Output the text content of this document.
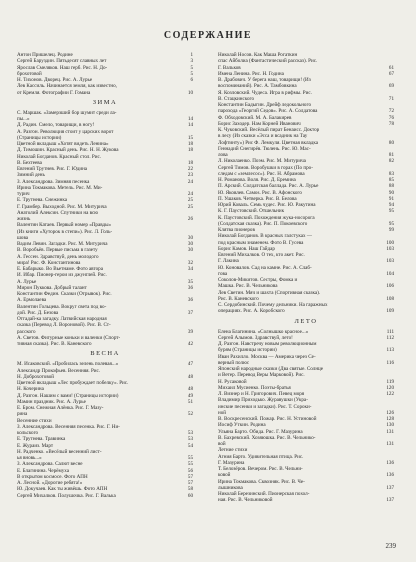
СОДЕРЖАНИЕ
Антон Пришелец. Родине	1
Сергей Баруздин. Пятьдесят славных лет	3
Ярослав Смеляков. Наш герб. Рис. Н. До-	5
брохотовой	5
Н. Тихонов. Дворец. Рис. А. Лурье	6
Лев Кассиль. Начинается земля, как известно,
от Кремля. Фотографии Г. Гомана	10
ЗИМА
С. Маршак. «Замерзший бор шумит среди ла-
пы...»	14
Д. Радин. Смело, товарищи, в ногу!	14
А. Разгон. Революция стоит у царских ворот
(Страницы истории)	15
Цветной вкладыш «Хотят видеть Ленина»	18
Д. Тимошин. Красный день. Рис. Н. Н. Жукова	18
Николай Богданов. Красный стол. Рис.
В. Бехтеева	18
Евгений Трутнев. Рис. Г. Юдина	22
Зимний день	23
З. Александрова. Зимняя песенка	24
Ирина Токмакова. Метель. Рис. М. Ми-
турич	24
Е. Трутнева. Снежинка	25
Г. Грамбер. Выходной. Рис. М. Митурича	25
Анатолий Алексин. Спутники на всю
жизнь	26
Валентин Катаев. Первый номер «Правды»
(Из книги «Хуторок в степи»). Рис. Л. Голь-
шова	30
Вадим Левин. Загадки. Рис. М. Митурича	30
В. Воробьёв. Первые письма в газету	30
А. Гессен. Здравствуй, день молодого
мира! Рис. Ф. Константинова	32
Е. Бабарыко. Во Вьетнаме. Фото автора	34
И. Ибар. Пионер-герои из джунглей. Рис.
А. Лурье	35
Мирон Пуккова. Добрый талант	36
Константин Федин. Сказки (Отрывок). Рис.
А. Ермолаева	36
Валентин Гольцева. Вокруг света под во-
дой. Рис. Д. Безова	37
Отгадай-ка загадку. Латвийская народная
сказка (Перевод Л. Вороновой). Рис. В. Ст-
расского	39
А. Светов. Фигурные коньки и валенки (Спорт-
тивная сказка). Рис. В. Каневского	42
ВЕСНА
М. Исаковский. «Пробилась зелень полевая...»	47
Александр Прокофьев. Весенняя. Рис.
Н. Доброхотовой	48
Цветной вкладыш «Лес пробуждает побелку». Рис.
Н. Кочерина	48
Д. Разгон. Нашим с вами! (Страницы истории)	49
Мамин праздник. Рис. А. Лурье	51
Е. Бром. Снежная Алёнка. Рис. Г. Мазу-
рина	52
Весенние стихи
З. Александрова. Весенняя песенка. Рис. Г. Ни-
кольского	53
Е. Трутнева. Травинка	53
Е. Жураиз. Март	54
Н. Радченко. «Весёлый весенний лист-
ья вновь...»	55
З. Александрова. Салют весне	55
Е. Благинина. Черёмуха	56
В открытом космосе. Фото АПН	57
А. Лесной. «Дорогие ребята!»	57
Ю. Докучаев. Как ты живёшь. Фото АПН	58
Сергей Михалков. Полушочка. Рис. Г. Валька	60
Николай Носов. Как Маша Рогаткин
спас Айболиа (Фантастический рассказ). Рис.
Г. Вальков	61
Имена Ленина. Рис. Н. Година	67
В. Драбович. У берега наш, товарищи! (Из
воспоминаний). Рис. А. Тамбовкина	69
Я. Козловский. Чудеса. Игра в рифмы. Рис.
В. Стацкинского	71
Константин Бадыгин. Дрейф ледокольного
парохода «Георгий Седов». Рис. А. Солдатова	72
Ф. Обходовский. М. А. Балакирев	76
Борис Заходер. Нам Корней Иванович	78
К. Чуковский. Весёлый пират Бенаисс. Доктор
в лесу (Из сказки «Эсса и всадник на Тау
Лофтинту») Рис Ф. Лемкуля. Цветная вкладка	80
Геннадий Снегирёв. Тюлень. Рис. Ю. Мас-
лова	81
Л. Николаенко. Поэм. Рис. М. Митурича	82
Сергей Тимов. Воробушки в горах (По про-
следам с «землесос»). Рис. Н. Абрамова	83
Н. Романова. Воля. Рис. Д. Еремина	85
П. Арский. Солдатская баллада. Рис. А. Лурье	88
Ю. Яковлев. Самоs. Рис. В. Афонского	90
П. Ушаков. Четверка. Рис. В. Белова	91
Юрий Коваль. Семь чудес. Рис. Ю. Ракутина	94
К. Г. Паустовский. Отшельник	95
К. Паустовский. Похождения жука-носорога
(Солдатская сказка). Рис. П. Покоевского	95
Клятва пионеров	99
Николай Богданов. В красных галстуках —
под красным знаменем. Фото В. Гусева	100
Борис Камов. Наш Гайдар	103
Евгений Михалков. О тех, кто акет. Рис.
Г. Лакина	103
Ю. Коновалов. Сад на камне. Рис. А. Слаб-
гова	104
Соколов-Микитов. Сестры, Фомка и
Машка. Рис. В. Чельникова	106
Лев Светин. Мяч и шахта (Спортивная сказка).
Рис. В. Каневского	108
С. Сердобинский. Почему дельники. На гаражных
операциях. Рис. А. Коробского	109
ЛЕТО
Елена Благинина. «Солнышко красное...»	111
Сергей Алымов. Здравствуй, лето!	112
Д. Разгон. Навстречу новым революционным
бурям (Страницы истории)	113
Иван Рахилло. Москва — Америка через Се-
верный полюс	116
Японский народные сказки (Два святые. Солнце
и Ветер. Перевод Веры Марковой). Рис.
Н. Русаковой	119
Михаил Мусиенко. Поэты-братья	120
Л. Визнер и Н. Григорович. Певец моря	122
Владимир Приходько. Журавушки (Укра-
инские песенки и загадки). Рис. Т. Сороки-
ной	126
В. Воскресенский. Пожар. Рис. Н. Устиновой	128
Иосиф Уткин. Родина	130
Ульяна Барто. Обида. Рис. Г. Мазурина	131
В. Бахревский. Хозяюшка. Рис. В. Чельнико-
вой	131
Летние стихи
Агния Барто. Удивительная птица. Рис.
Г. Мазурина	136
Т. Белозёров. Вечером. Рис. В. Чельни-
ковой	136
Ирина Токмакова. Сквозняк. Рис. В. Че-
лышникова	137
Николай Березинский. Пионерская похол-
ная. Рис. В. Чельниковой	137
239
